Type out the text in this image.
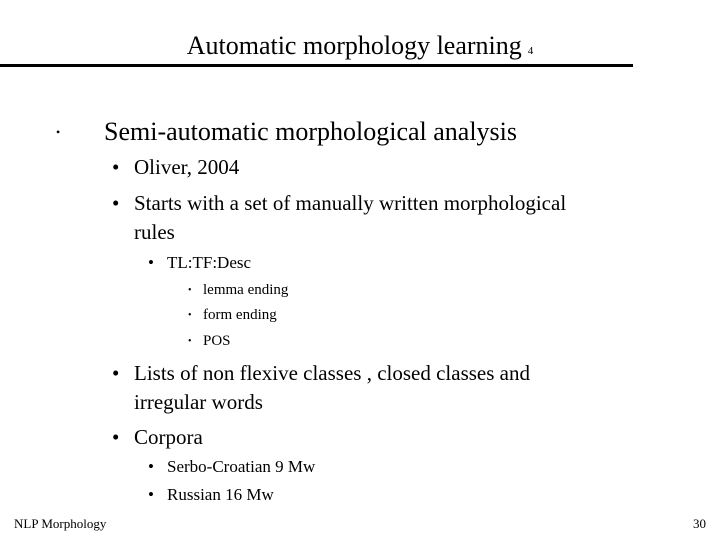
Automatic morphology learning 4
• Semi-automatic morphological analysis
• Oliver, 2004
• Starts with a set of manually written morphological
rules
• TL:TF:Desc
• lemma ending
• form ending
• POS
• Lists of non flexive classes , closed classes and
irregular words
• Corpora
• Serbo-Croatian 9 Mw
• Russian 16 Mw
NLP Morphology	30
